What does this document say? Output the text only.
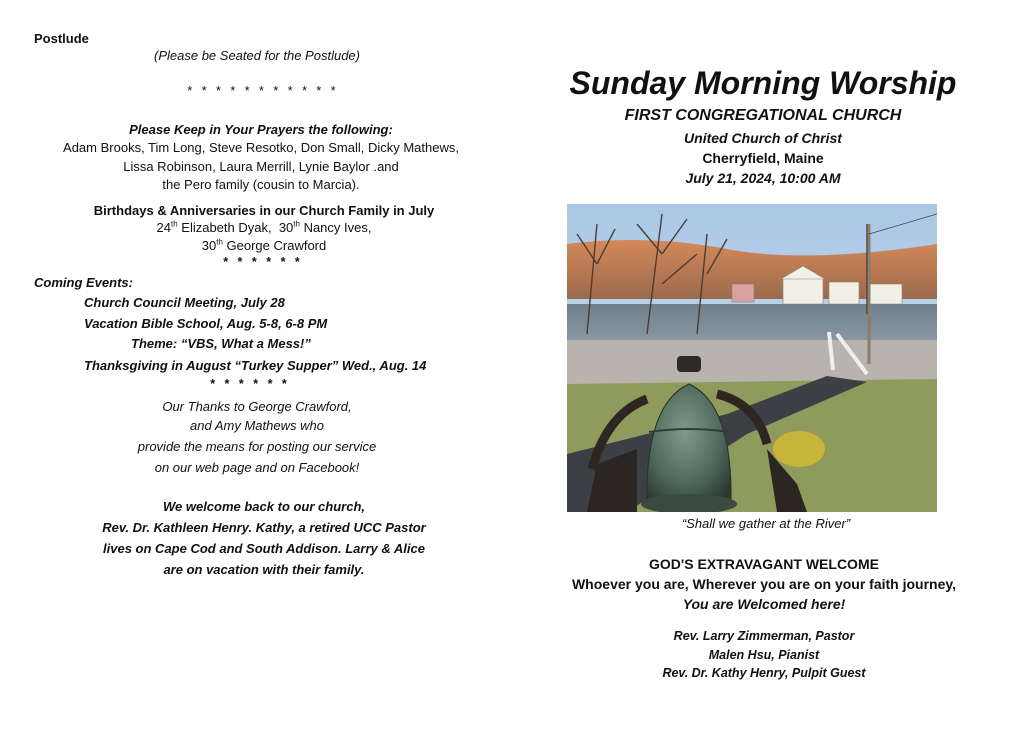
Postlude
(Please be Seated for the Postlude)
* * * * * * * * * * *
Please Keep in Your Prayers the following:
Adam Brooks, Tim Long, Steve Resotko, Don Small, Dicky Mathews,
Lissa Robinson, Laura Merrill, Lynie Baylor .and
the Pero family (cousin to Marcia).
Birthdays & Anniversaries in our Church Family in July
24th Elizabeth Dyak,  30th Nancy Ives,
30th George Crawford
* * * * * *
Coming Events:
Church Council Meeting, July 28
Vacation Bible School, Aug. 5-8, 6-8 PM
Theme: “VBS, What a Mess!”
Thanksgiving in August “Turkey Supper” Wed., Aug. 14
* * * * * *
Our Thanks to George Crawford,
and Amy Mathews who
provide the means for posting our service
on our web page and on Facebook!
We welcome back to our church,
Rev. Dr. Kathleen Henry. Kathy, a retired UCC Pastor
lives on Cape Cod and South Addison. Larry & Alice
are on vacation with their family.
Sunday Morning Worship
FIRST CONGREGATIONAL CHURCH
United Church of Christ
Cherryfield, Maine
July 21, 2024, 10:00 AM
“Shall we gather at the River”
GOD'S EXTRAVAGANT WELCOME
Whoever you are, Wherever you are on your faith journey,
You are Welcomed here!
Rev. Larry Zimmerman, Pastor
Malen Hsu, Pianist
Rev. Dr. Kathy Henry, Pulpit Guest
